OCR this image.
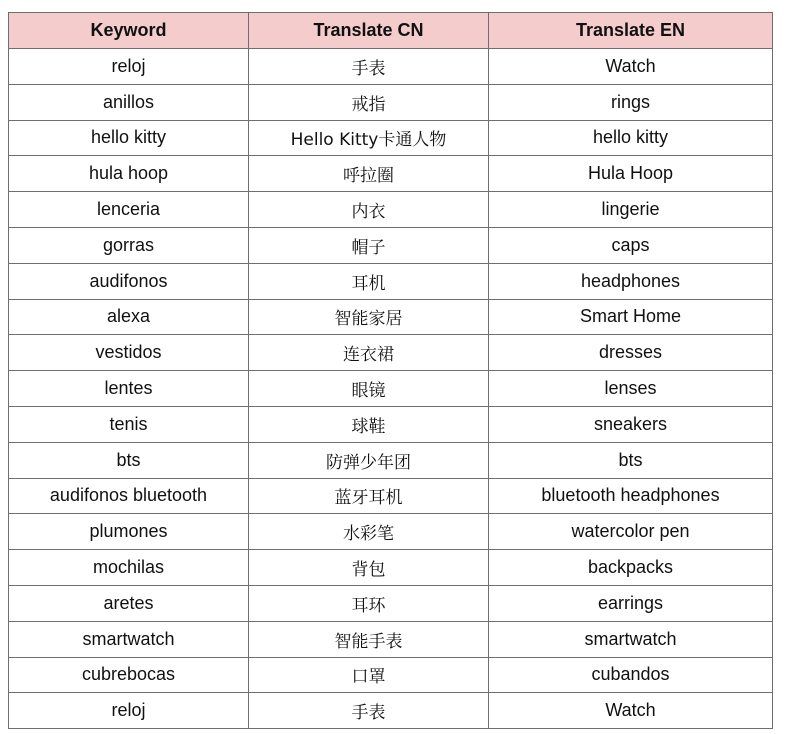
Keyword	Translate CN	Translate EN
reloj	手表	Watch
anillos	戒指	rings
hello kitty	Hello Kitty卡通人物	hello kitty
hula hoop	呼拉圈	Hula Hoop
lenceria	内衣	lingerie
gorras	帽子	caps
audifonos	耳机	headphones
alexa	智能家居	Smart Home
vestidos	连衣裙	dresses
lentes	眼镜	lenses
tenis	球鞋	sneakers
bts	防弹少年团	bts
audifonos bluetooth	蓝牙耳机	bluetooth headphones
plumones	水彩笔	watercolor pen
mochilas	背包	backpacks
aretes	耳环	earrings
smartwatch	智能手表	smartwatch
cubrebocas	口罩	cubandos
reloj	手表	Watch
